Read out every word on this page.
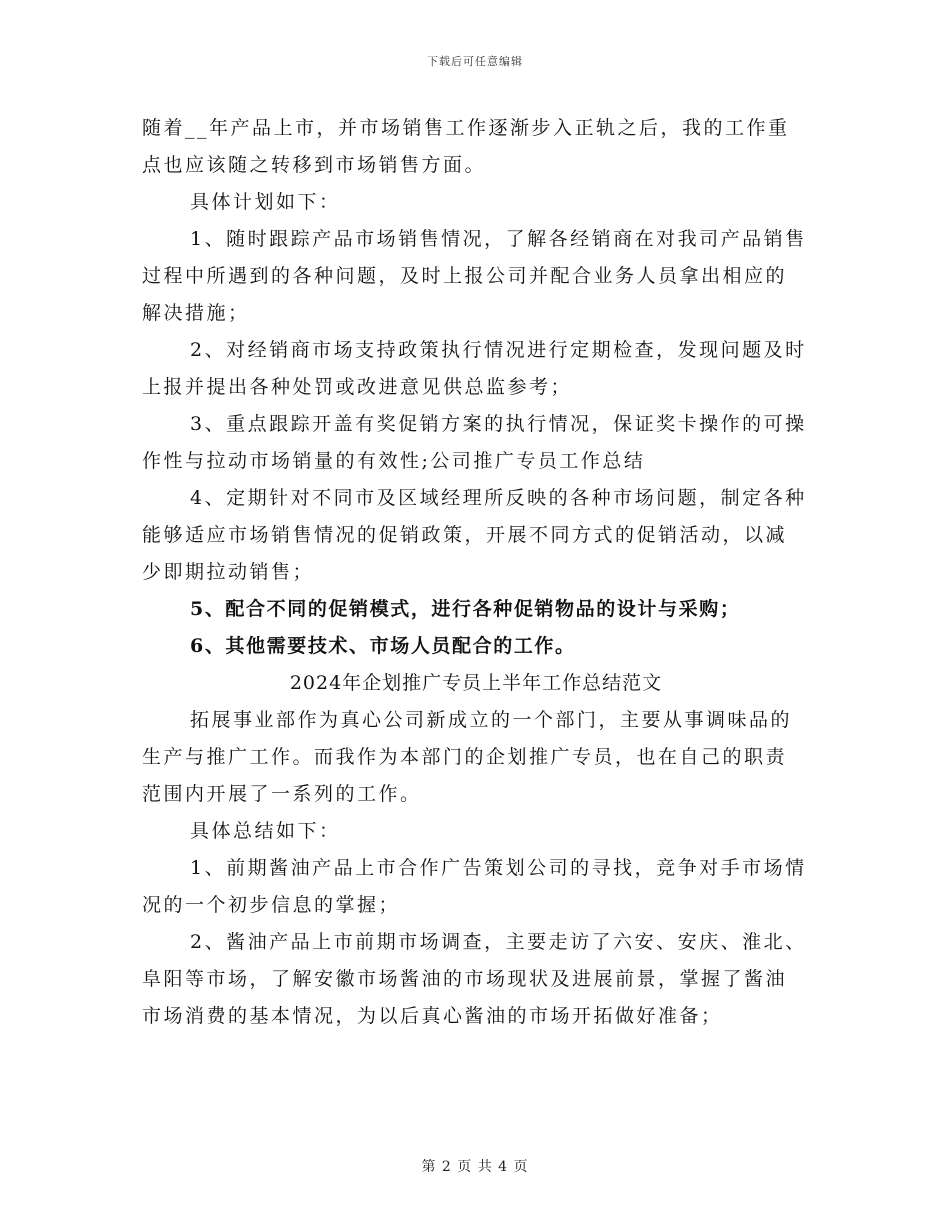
下载后可任意编辑
随着__年产品上市，并市场销售工作逐渐步入正轨之后，我的工作重
点也应该随之转移到市场销售方面。
具体计划如下：
1、随时跟踪产品市场销售情况，了解各经销商在对我司产品销售
过程中所遇到的各种问题，及时上报公司并配合业务人员拿出相应的
解决措施；
2、对经销商市场支持政策执行情况进行定期检查，发现问题及时
上报并提出各种处罚或改进意见供总监参考；
3、重点跟踪开盖有奖促销方案的执行情况，保证奖卡操作的可操
作性与拉动市场销量的有效性;公司推广专员工作总结
4、定期针对不同市及区域经理所反映的各种市场问题，制定各种
能够适应市场销售情况的促销政策，开展不同方式的促销活动，以减
少即期拉动销售；
5、配合不同的促销模式，进行各种促销物品的设计与采购；
6、其他需要技术、市场人员配合的工作。
2024年企划推广专员上半年工作总结范文
拓展事业部作为真心公司新成立的一个部门，主要从事调味品的
生产与推广工作。而我作为本部门的企划推广专员，也在自己的职责
范围内开展了一系列的工作。
具体总结如下：
1、前期酱油产品上市合作广告策划公司的寻找，竞争对手市场情
况的一个初步信息的掌握；
2、酱油产品上市前期市场调查，主要走访了六安、安庆、淮北、
阜阳等市场，了解安徽市场酱油的市场现状及进展前景，掌握了酱油
市场消费的基本情况，为以后真心酱油的市场开拓做好准备；
第 2 页 共 4 页
